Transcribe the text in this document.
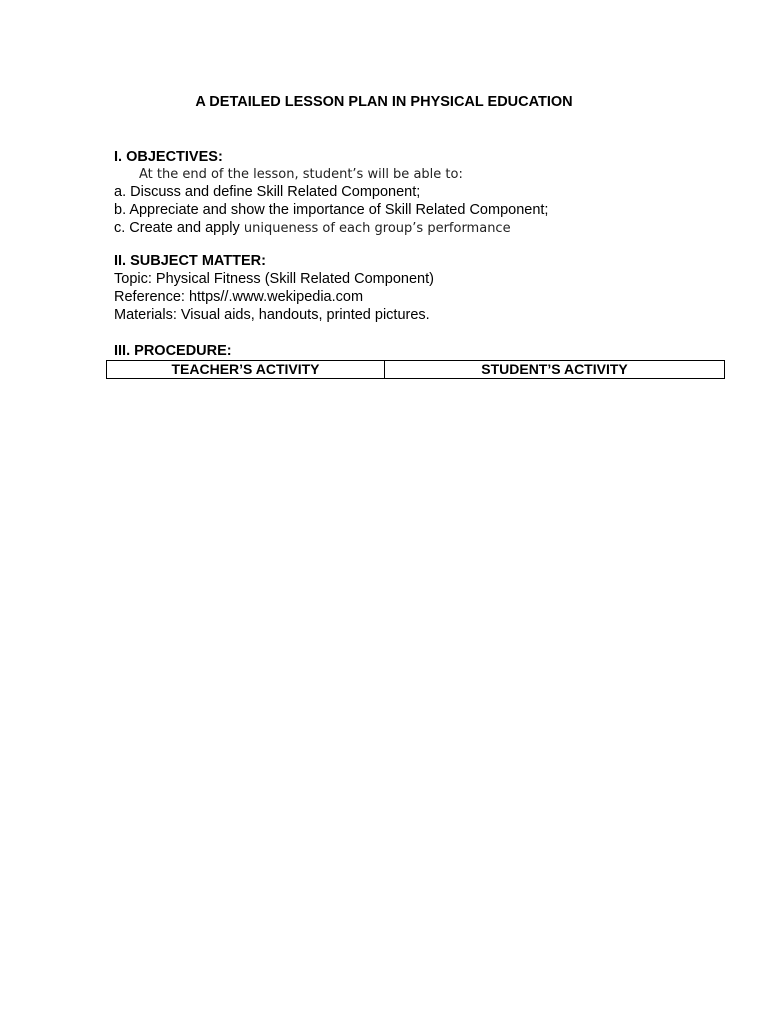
A DETAILED LESSON PLAN IN PHYSICAL EDUCATION
I. OBJECTIVES:
At the end of the lesson, student’s will be able to:
a. Discuss and define Skill Related Component;
b. Appreciate and show the importance of Skill Related Component;
c. Create and apply uniqueness of each group’s performance
II. SUBJECT MATTER:
Topic: Physical Fitness (Skill Related Component)
Reference: https//.www.wekipedia.com
Materials: Visual aids, handouts, printed pictures.
III. PROCEDURE:
TEACHER’S ACTIVITY	STUDENT’S ACTIVITY
